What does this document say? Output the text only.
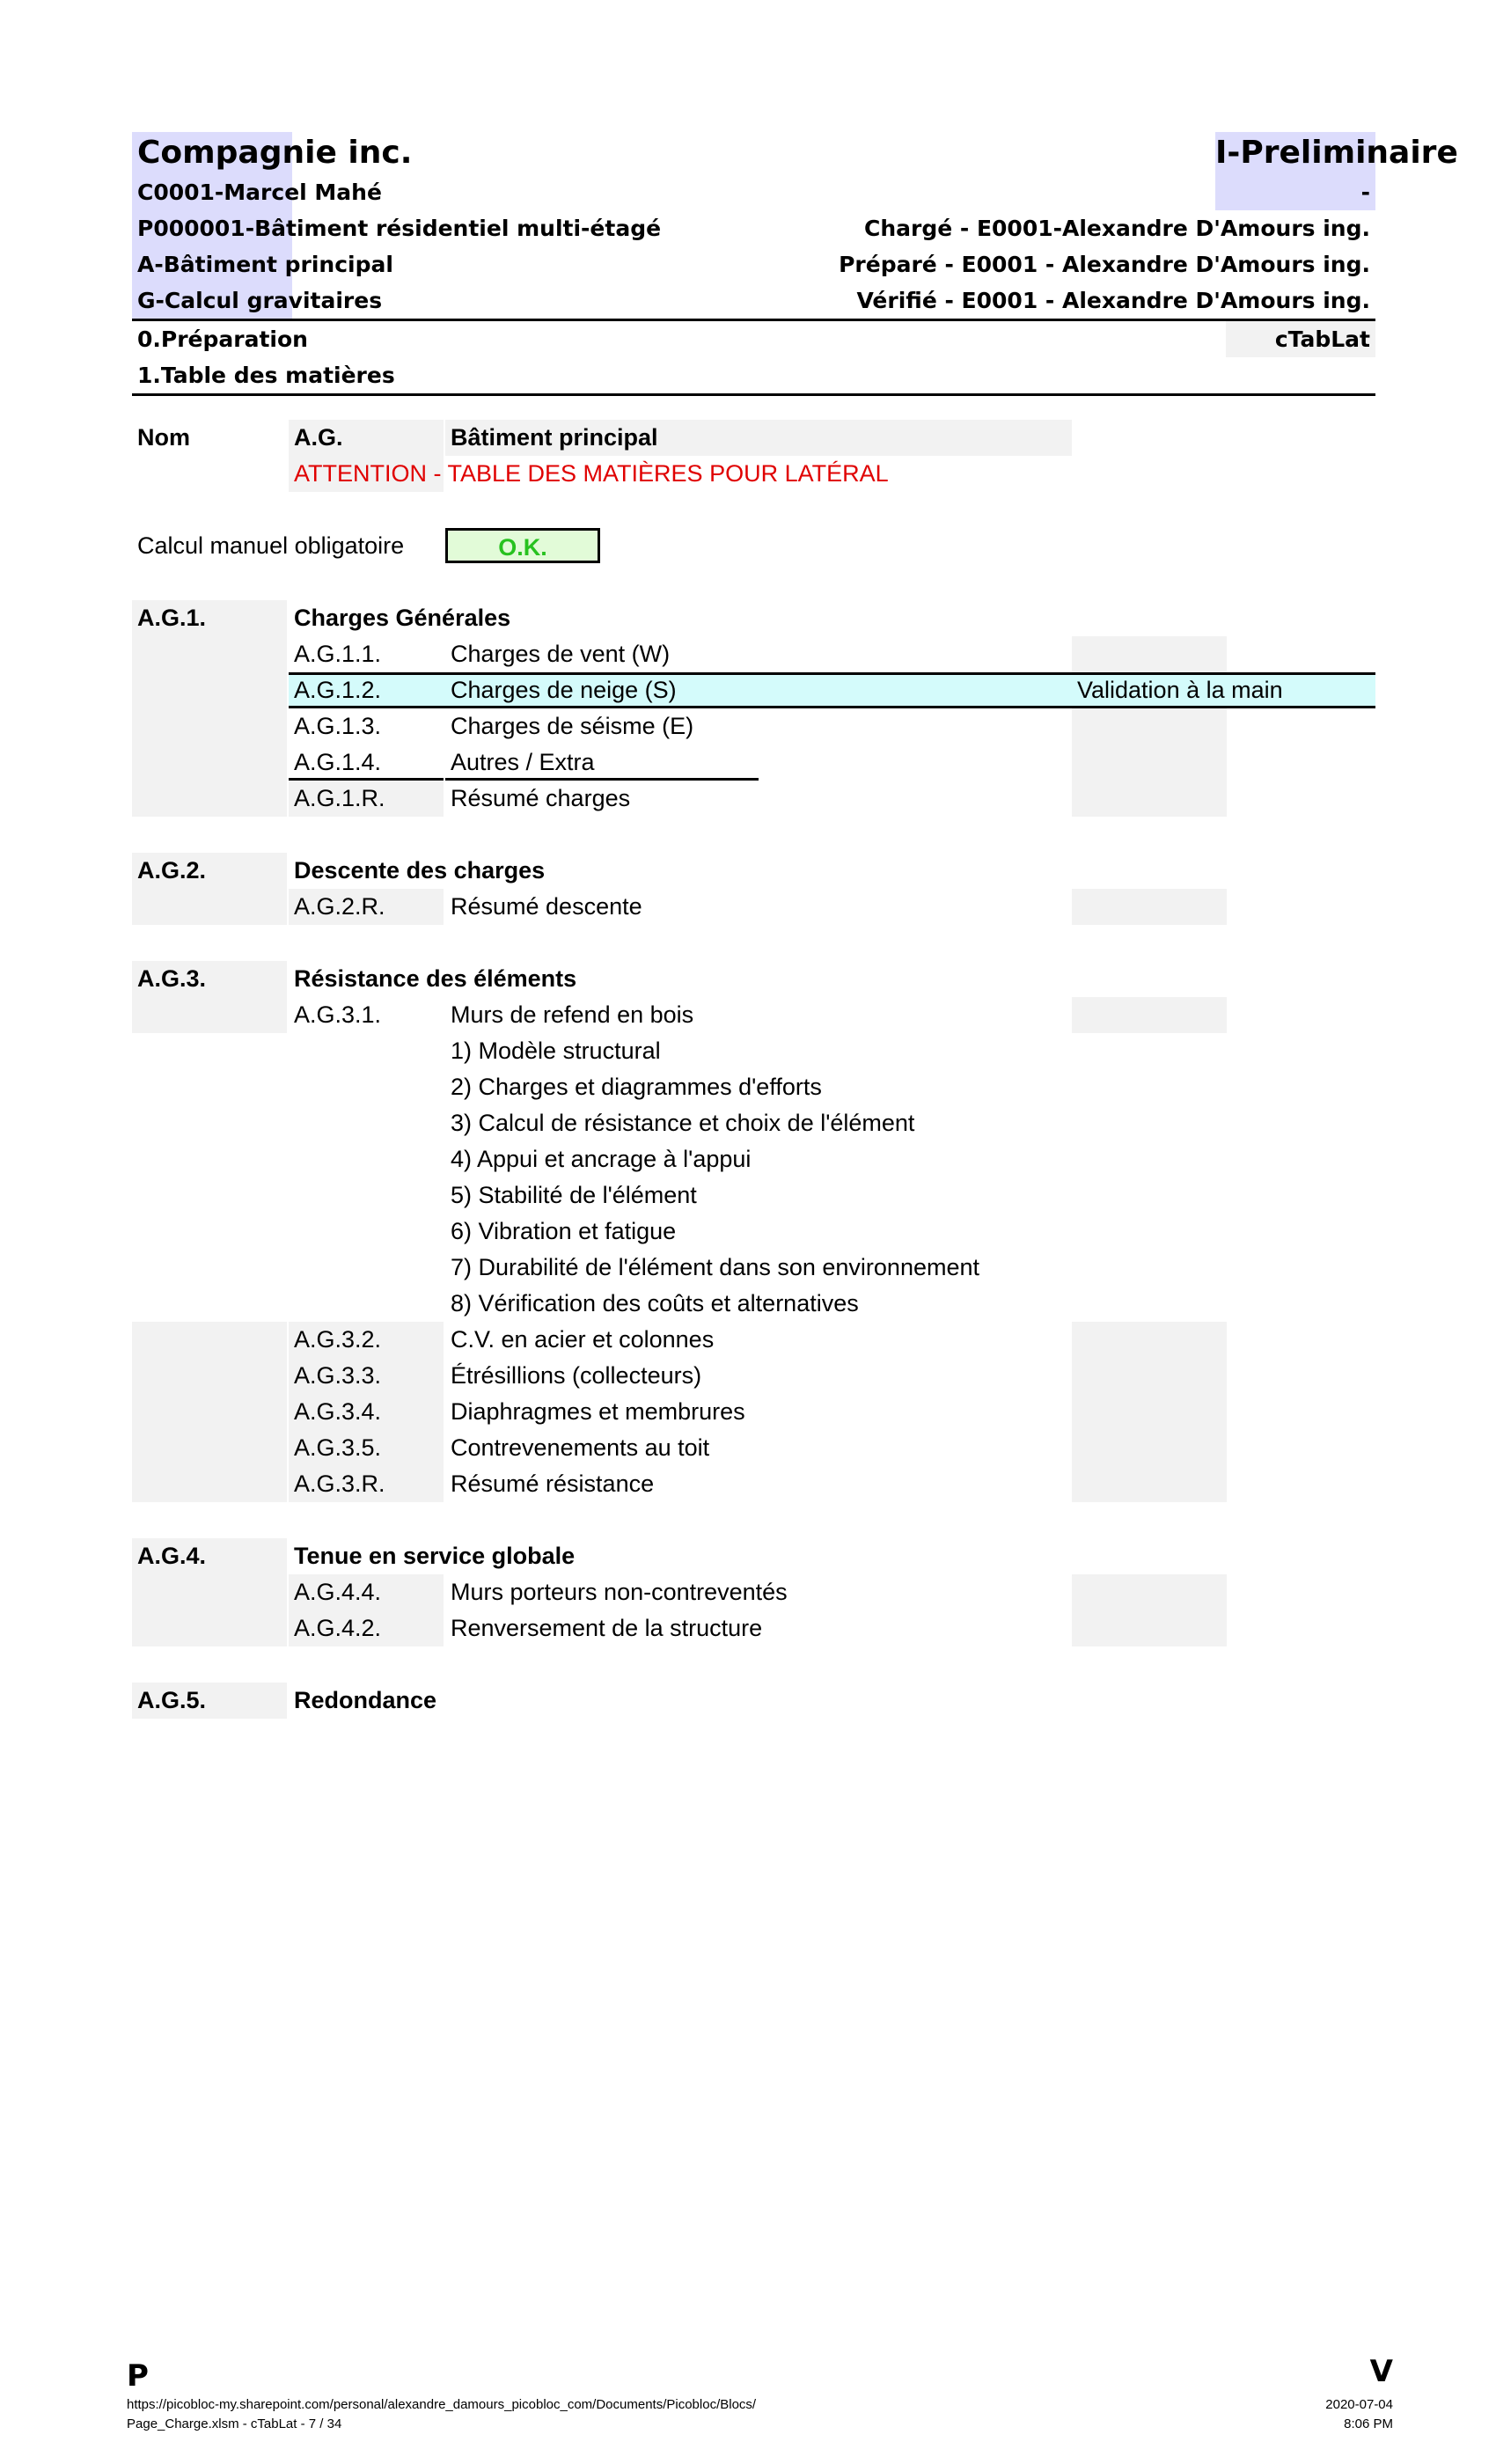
Compagnie inc.	I-Preliminaire
C0001-Marcel Mahé	-
P000001-Bâtiment résidentiel multi-étagé	Chargé - E0001-Alexandre D'Amours ing.
A-Bâtiment principal	Préparé - E0001 - Alexandre D'Amours ing.
G-Calcul gravitaires	Vérifié - E0001 - Alexandre D'Amours ing.
0.Préparation	cTabLat
1.Table des matières
Nom	A.G.	Bâtiment principal
ATTENTION - TABLE DES MATIÈRES POUR LATÉRAL
Calcul manuel obligatoire	O.K.
A.G.1.	Charges Générales
A.G.1.1.	Charges de vent (W)
A.G.1.2.	Charges de neige (S)	Validation à la main
A.G.1.3.	Charges de séisme (E)
A.G.1.4.	Autres / Extra
A.G.1.R.	Résumé charges
A.G.2.	Descente des charges
A.G.2.R.	Résumé descente
A.G.3.	Résistance des éléments
A.G.3.1.	Murs de refend en bois
1) Modèle structural
2) Charges et diagrammes d'efforts
3) Calcul de résistance et choix de l'élément
4) Appui et ancrage à l'appui
5) Stabilité de l'élément
6) Vibration et fatigue
7) Durabilité de l'élément dans son environnement
8) Vérification des coûts et alternatives
A.G.3.2.	C.V. en acier et colonnes
A.G.3.3.	Étrésillions (collecteurs)
A.G.3.4.	Diaphragmes et membrures
A.G.3.5.	Contrevenements au toit
A.G.3.R.	Résumé résistance
A.G.4.	Tenue en service globale
A.G.4.4.	Murs porteurs non-contreventés
A.G.4.2.	Renversement de la structure
A.G.5.	Redondance
P	V
https://picobloc-my.sharepoint.com/personal/alexandre_damours_picobloc_com/Documents/Picobloc/Blocs/
Page_Charge.xlsm - cTabLat - 7 / 34
2020-07-04
8:06 PM
